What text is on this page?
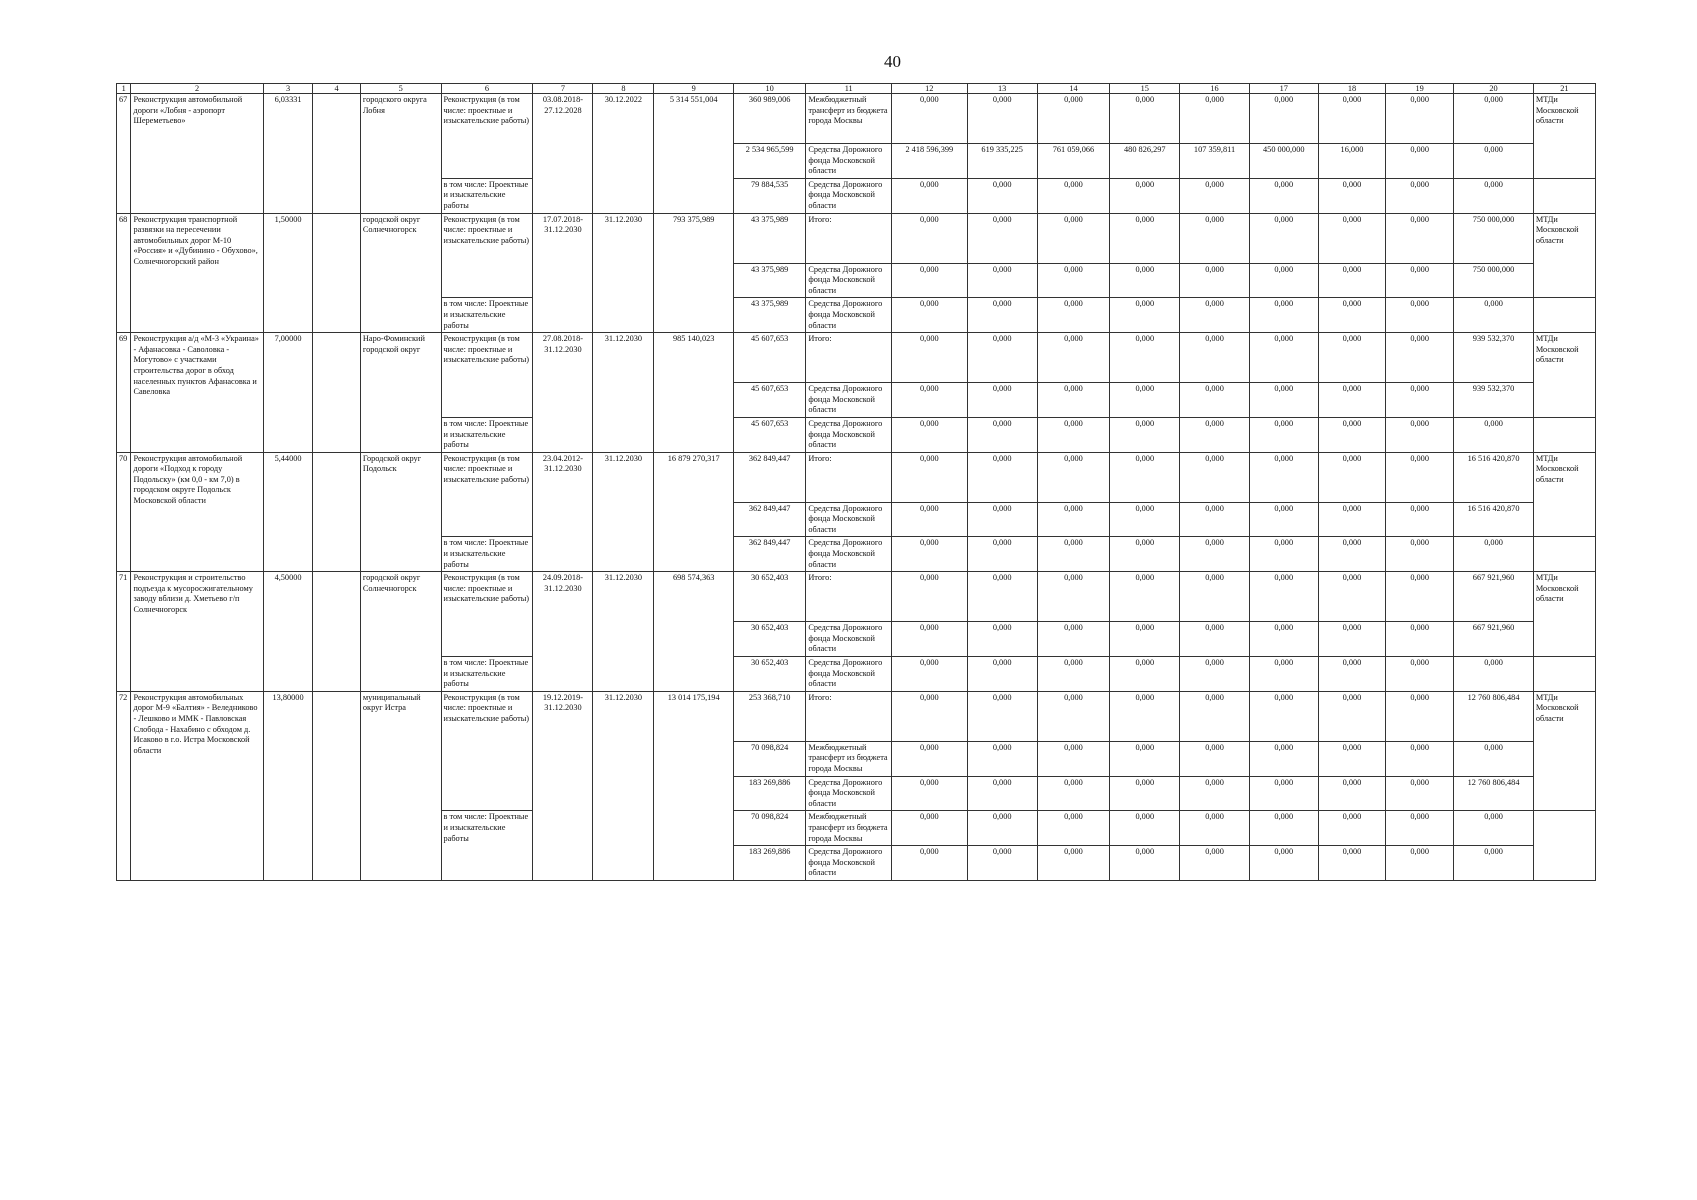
40
1	2	3	4	5	6	7	8	9	10	11	12	13	14	15	16	17	18	19	20	21
67	Реконструкция автомобильной дороги «Лобня - аэропорт Шереметьево»	6,03331		городского округа Лобня	Реконструкция (в том числе: проектные и изыскательские работы)	03.08.2018- 27.12.2028	30.12.2022	5 314 551,004	360 989,006	Межбюджетный трансферт из бюджета города Москвы	0,000	0,000	0,000	0,000	0,000	0,000	0,000	0,000	0,000	МТДи Московской области
									2 534 965,599	Средства Дорожного фонда Московской области	2 418 596,399	619 335,225	761 059,066	480 826,297	107 359,811	450 000,000	16,000	0,000	0,000	
					в том числе: Проектные и изыскательские работы				79 884,535	Средства Дорожного фонда Московской области	0,000	0,000	0,000	0,000	0,000	0,000	0,000	0,000	0,000	
68	Реконструкция транспортной развязки на пересечении автомобильных дорог М-10 «Россия» и «Дубинино - Обухово», Солнечногорский район	1,50000		городской округ Солнечногорск	Реконструкция (в том числе: проектные и изыскательские работы)	17.07.2018- 31.12.2030	31.12.2030	793 375,989	43 375,989	Итого:	0,000	0,000	0,000	0,000	0,000	0,000	0,000	0,000	750 000,000	МТДи Московской области
									43 375,989	Средства Дорожного фонда Московской области	0,000	0,000	0,000	0,000	0,000	0,000	0,000	0,000	750 000,000	
					в том числе: Проектные и изыскательские работы				43 375,989	Средства Дорожного фонда Московской области	0,000	0,000	0,000	0,000	0,000	0,000	0,000	0,000	0,000	
69	Реконструкция а/д «М-3 «Украина» - Афанасовка - Саволовка - Могутово» с участками строительства дорог в обход населенных пунктов Афанасовка и Савеловка	7,00000		Наро-Фоминский городской округ	Реконструкция (в том числе: проектные и изыскательские работы)	27.08.2018- 31.12.2030	31.12.2030	985 140,023	45 607,653	Итого:	0,000	0,000	0,000	0,000	0,000	0,000	0,000	0,000	939 532,370	МТДи Московской области
									45 607,653	Средства Дорожного фонда Московской области	0,000	0,000	0,000	0,000	0,000	0,000	0,000	0,000	939 532,370	
					в том числе: Проектные и изыскательские работы				45 607,653	Средства Дорожного фонда Московской области	0,000	0,000	0,000	0,000	0,000	0,000	0,000	0,000	0,000	
70	Реконструкция автомобильной дороги «Подход к городу Подольску» (км 0,0 - км 7,0) в городском округе Подольск Московской области	5,44000		Городской округ Подольск	Реконструкция (в том числе: проектные и изыскательские работы)	23.04.2012- 31.12.2030	31.12.2030	16 879 270,317	362 849,447	Итого:	0,000	0,000	0,000	0,000	0,000	0,000	0,000	0,000	16 516 420,870	МТДи Московской области
									362 849,447	Средства Дорожного фонда Московской области	0,000	0,000	0,000	0,000	0,000	0,000	0,000	0,000	16 516 420,870	
					в том числе: Проектные и изыскательские работы				362 849,447	Средства Дорожного фонда Московской области	0,000	0,000	0,000	0,000	0,000	0,000	0,000	0,000	0,000	
71	Реконструкция и строительство подъезда к мусоросжигательному заводу вблизи д. Хметьево г/п Солнечногорск	4,50000		городской округ Солнечногорск	Реконструкция (в том числе: проектные и изыскательские работы)	24.09.2018- 31.12.2030	31.12.2030	698 574,363	30 652,403	Итого:	0,000	0,000	0,000	0,000	0,000	0,000	0,000	0,000	667 921,960	МТДи Московской области
									30 652,403	Средства Дорожного фонда Московской области	0,000	0,000	0,000	0,000	0,000	0,000	0,000	0,000	667 921,960	
					в том числе: Проектные и изыскательские работы				30 652,403	Средства Дорожного фонда Московской области	0,000	0,000	0,000	0,000	0,000	0,000	0,000	0,000	0,000	
72	Реконструкция автомобильных дорог М-9 «Балтия» - Веледниково - Лешково и ММК - Павловская Слобода - Нахабино с обходом д. Исаково в г.о. Истра Московской области	13,80000		муниципальный округ Истра	Реконструкция (в том числе: проектные и изыскательские работы)	19.12.2019- 31.12.2030	31.12.2030	13 014 175,194	253 368,710	Итого:	0,000	0,000	0,000	0,000	0,000	0,000	0,000	0,000	12 760 806,484	МТДи Московской области
									70 098,824	Межбюджетный трансферт из бюджета города Москвы	0,000	0,000	0,000	0,000	0,000	0,000	0,000	0,000	0,000	
									183 269,886	Средства Дорожного фонда Московской области	0,000	0,000	0,000	0,000	0,000	0,000	0,000	0,000	12 760 806,484	
					в том числе: Проектные и изыскательские работы				70 098,824	Межбюджетный трансферт из бюджета города Москвы	0,000	0,000	0,000	0,000	0,000	0,000	0,000	0,000	0,000	
									183 269,886	Средства Дорожного фонда Московской области	0,000	0,000	0,000	0,000	0,000	0,000	0,000	0,000	0,000	
